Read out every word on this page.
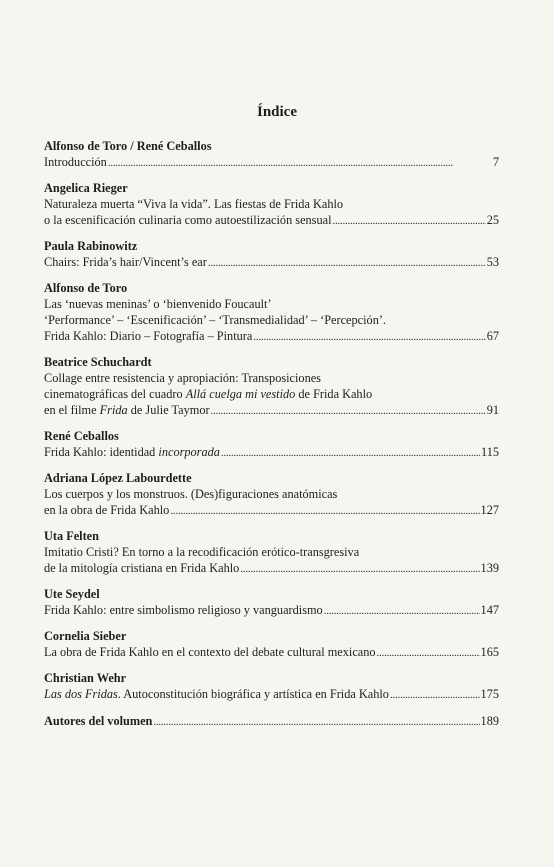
Índice
Alfonso de Toro / René Ceballos
Introducción . . .	7
Angelica Rieger
Naturaleza muerta “Viva la vida”. Las fiestas de Frida Kahlo
o la escenificación culinaria como autoestilización sensual . . .	25
Paula Rabinowitz
Chairs: Frida’s hair/Vincent’s ear . . .	53
Alfonso de Toro
Las ‘nuevas meninas’ o ‘bienvenido Foucault’
‘Performance’ – ‘Escenificación’ – ‘Transmedialidad’ – ‘Percepción’.
Frida Kahlo: Diario – Fotografía – Pintura . . .	67
Beatrice Schuchardt
Collage entre resistencia y apropiación: Transposiciones
cinematográficas del cuadro Allá cuelga mi vestido de Frida Kahlo
en el filme Frida de Julie Taymor . . .	91
René Ceballos
Frida Kahlo: identidad incorporada . . .	115
Adriana López Labourdette
Los cuerpos y los monstruos. (Des)figuraciones anatómicas
en la obra de Frida Kahlo . . .	127
Uta Felten
Imitatio Cristi? En torno a la recodificación erótico-transgresiva
de la mitología cristiana en Frida Kahlo . . .	139
Ute Seydel
Frida Kahlo: entre simbolismo religioso y vanguardismo . . .	147
Cornelia Sieber
La obra de Frida Kahlo en el contexto del debate cultural mexicano . . .	165
Christian Wehr
Las dos Fridas. Autoconstitución biográfica y artística en Frida Kahlo . . .	175
Autores del volumen . . .	189
